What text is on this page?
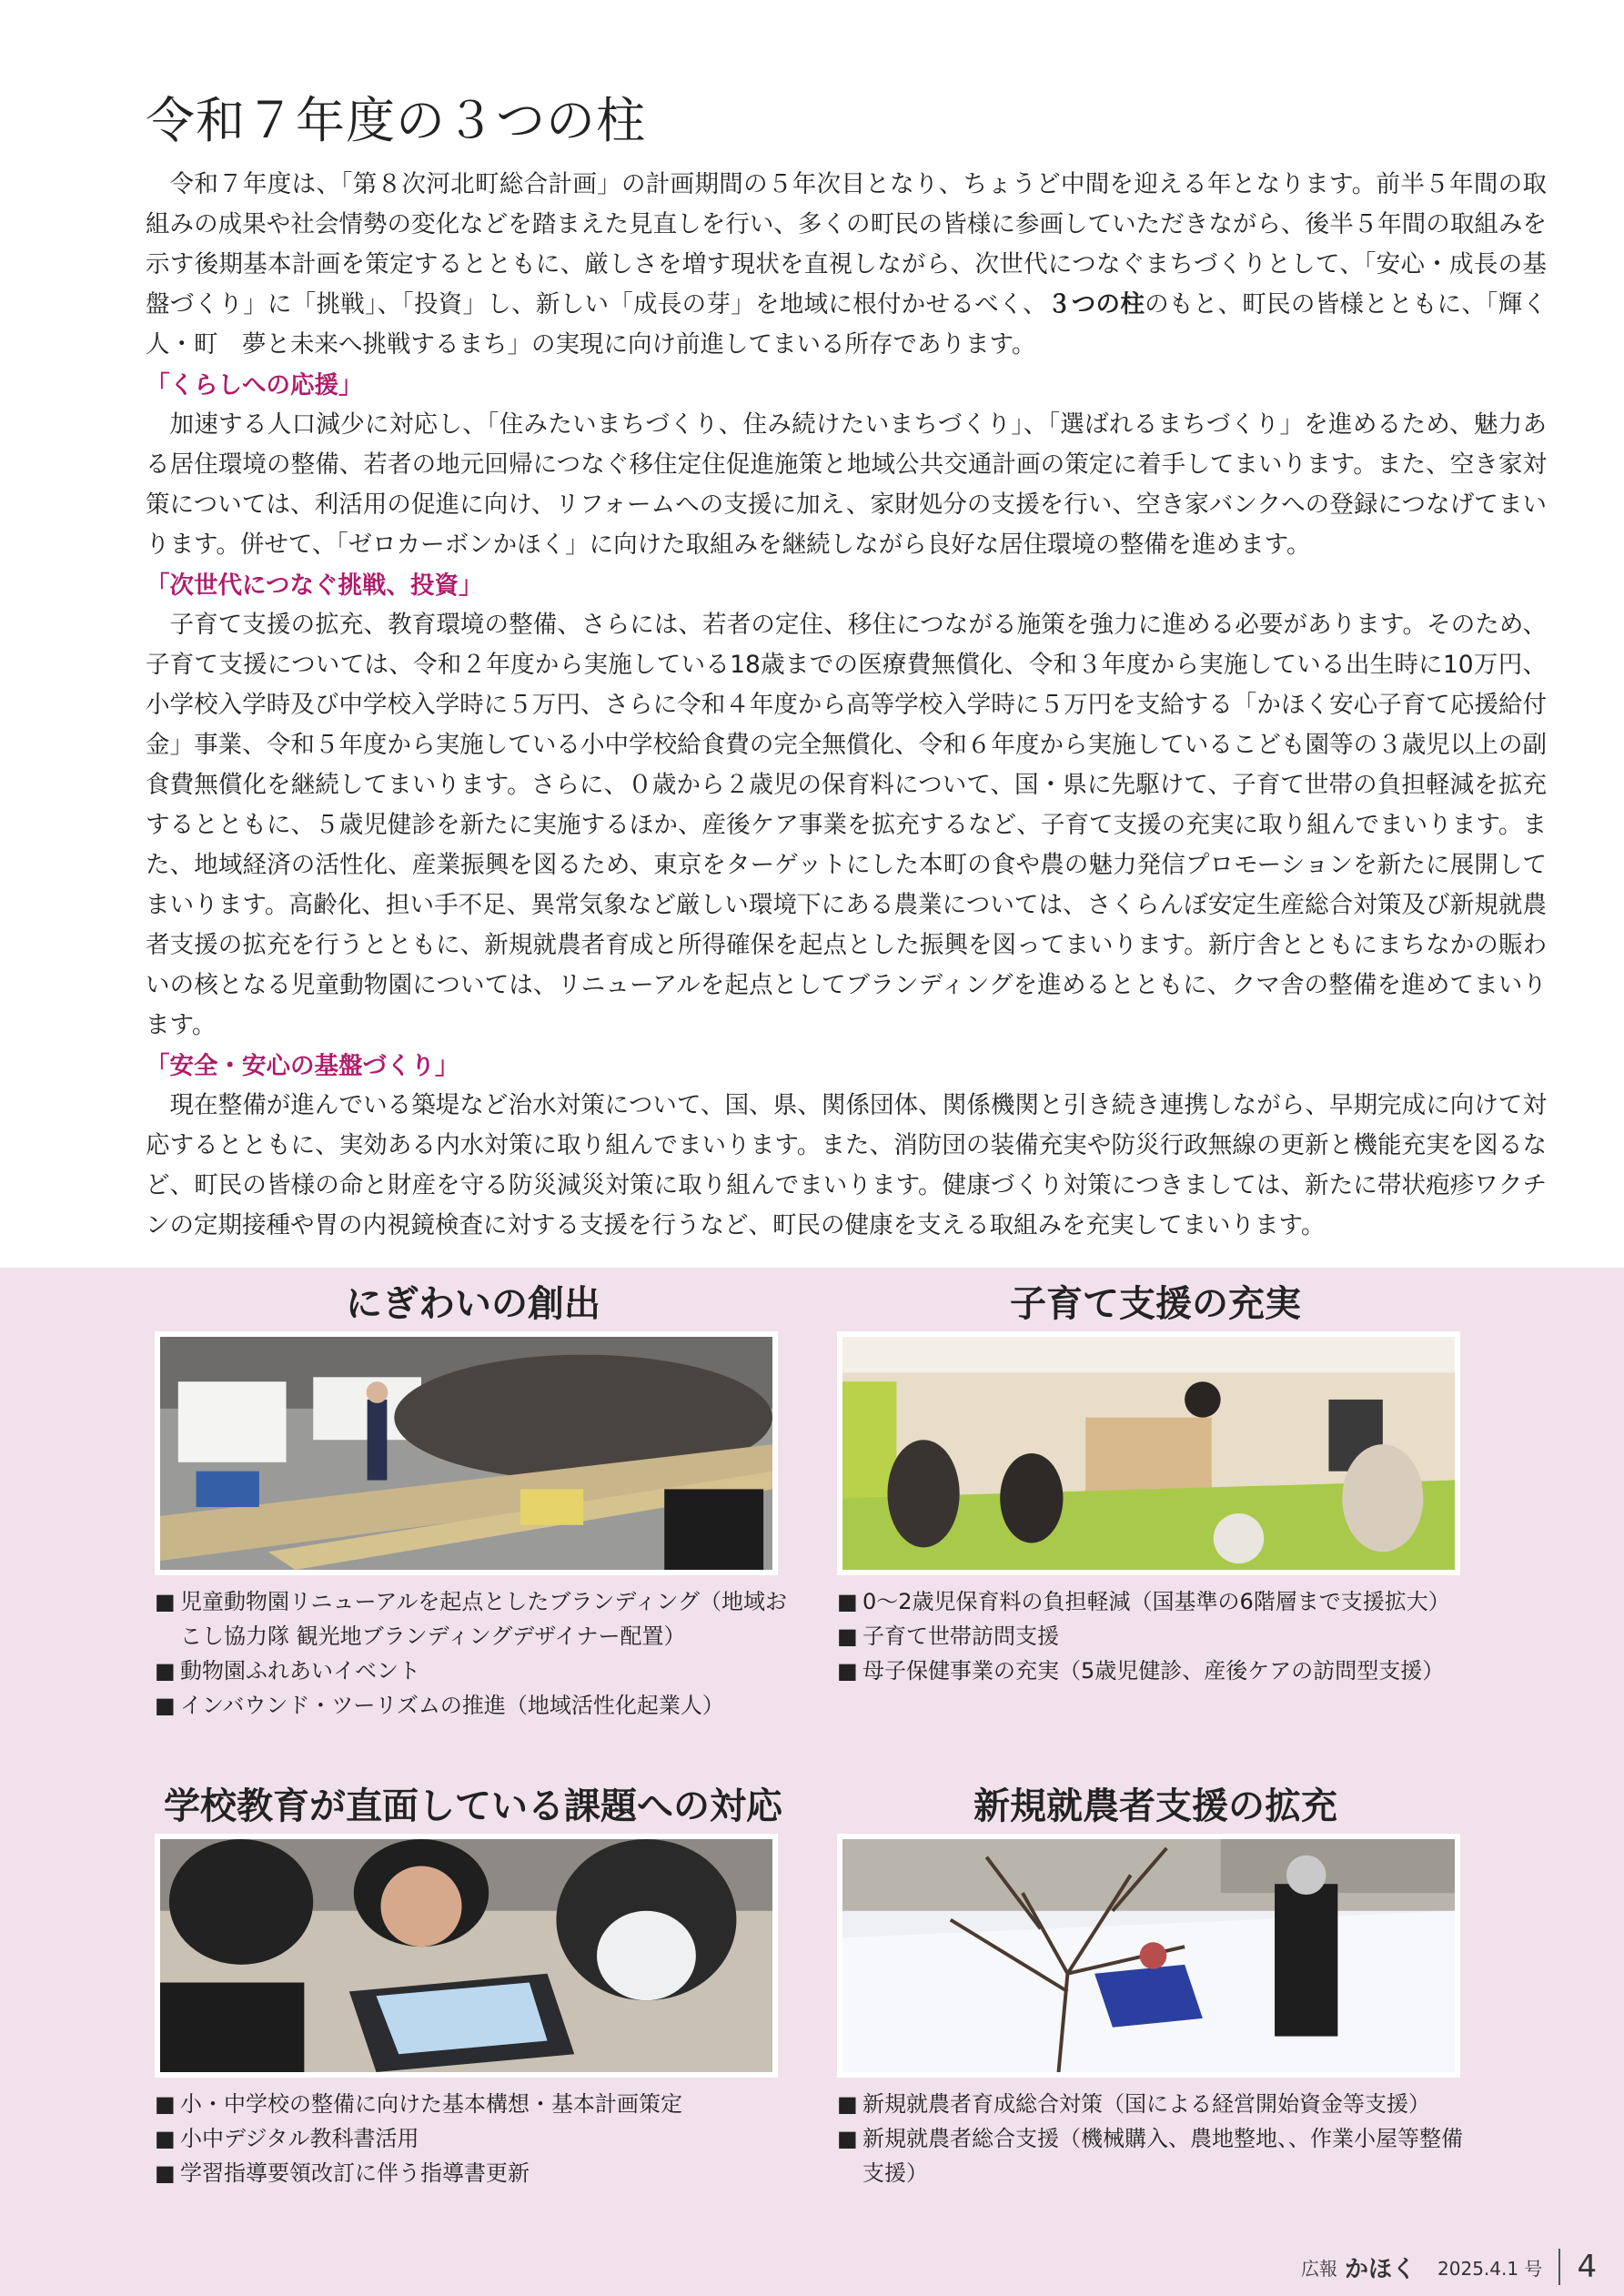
令和７年度の３つの柱

令和７年度は、「第８次河北町総合計画」の計画期間の５年次目となり、ちょうど中間を迎える年となります。前半５年間の取組みの成果や社会情勢の変化などを踏まえた見直しを行い、多くの町民の皆様に参画していただきながら、後半５年間の取組みを示す後期基本計画を策定するとともに、厳しさを増す現状を直視しながら、次世代につなぐまちづくりとして、「安心・成長の基盤づくり」に「挑戦」、「投資」し、新しい「成長の芽」を地域に根付かせるべく、３つの柱のもと、町民の皆様とともに、「輝く人・町　夢と未来へ挑戦するまち」の実現に向け前進してまいる所存であります。

「くらしへの応援」

加速する人口減少に対応し、「住みたいまちづくり、住み続けたいまちづくり」、「選ばれるまちづくり」を進めるため、魅力ある居住環境の整備、若者の地元回帰につなぐ移住定住促進施策と地域公共交通計画の策定に着手してまいります。また、空き家対策については、利活用の促進に向け、リフォームへの支援に加え、家財処分の支援を行い、空き家バンクへの登録につなげてまいります。併せて、「ゼロカーボンかほく」に向けた取組みを継続しながら良好な居住環境の整備を進めます。

「次世代につなぐ挑戦、投資」

子育て支援の拡充、教育環境の整備、さらには、若者の定住、移住につながる施策を強力に進める必要があります。そのため、子育て支援については、令和２年度から実施している18歳までの医療費無償化、令和３年度から実施している出生時に10万円、小学校入学時及び中学校入学時に５万円、さらに令和４年度から高等学校入学時に５万円を支給する「かほく安心子育て応援給付金」事業、令和５年度から実施している小中学校給食費の完全無償化、令和６年度から実施しているこども園等の３歳児以上の副食費無償化を継続してまいります。さらに、０歳から２歳児の保育料について、国・県に先駆けて、子育て世帯の負担軽減を拡充するとともに、５歳児健診を新たに実施するほか、産後ケア事業を拡充するなど、子育て支援の充実に取り組んでまいります。また、地域経済の活性化、産業振興を図るため、東京をターゲットにした本町の食や農の魅力発信プロモーションを新たに展開してまいります。高齢化、担い手不足、異常気象など厳しい環境下にある農業については、さくらんぼ安定生産総合対策及び新規就農者支援の拡充を行うとともに、新規就農者育成と所得確保を起点とした振興を図ってまいります。新庁舎とともにまちなかの賑わいの核となる児童動物園については、リニューアルを起点としてブランディングを進めるとともに、クマ舎の整備を進めてまいります。

「安全・安心の基盤づくり」

現在整備が進んでいる築堤など治水対策について、国、県、関係団体、関係機関と引き続き連携しながら、早期完成に向けて対応するとともに、実効ある内水対策に取り組んでまいります。また、消防団の装備充実や防災行政無線の更新と機能充実を図るなど、町民の皆様の命と財産を守る防災減災対策に取り組んでまいります。健康づくり対策につきましては、新たに帯状疱疹ワクチンの定期接種や胃の内視鏡検査に対する支援を行うなど、町民の健康を支える取組みを充実してまいります。

にぎわいの創出
■ 児童動物園リニューアルを起点としたブランディング（地域おこし協力隊 観光地ブランディングデザイナー配置）
■ 動物園ふれあいイベント
■ インバウンド・ツーリズムの推進（地域活性化起業人）
子育て支援の充実
■ 0～2歳児保育料の負担軽減（国基準の6階層まで支援拡大）
■ 子育て世帯訪問支援
■ 母子保健事業の充実（5歳児健診、産後ケアの訪問型支援）
学校教育が直面している課題への対応
■ 小・中学校の整備に向けた基本構想・基本計画策定
■ 小中デジタル教科書活用
■ 学習指導要領改訂に伴う指導書更新
新規就農者支援の拡充
■ 新規就農者育成総合対策（国による経営開始資金等支援）
■ 新規就農者総合支援（機械購入、農地整地、、作業小屋等整備支援）
広報 かほく 2025.4.1 号 4
